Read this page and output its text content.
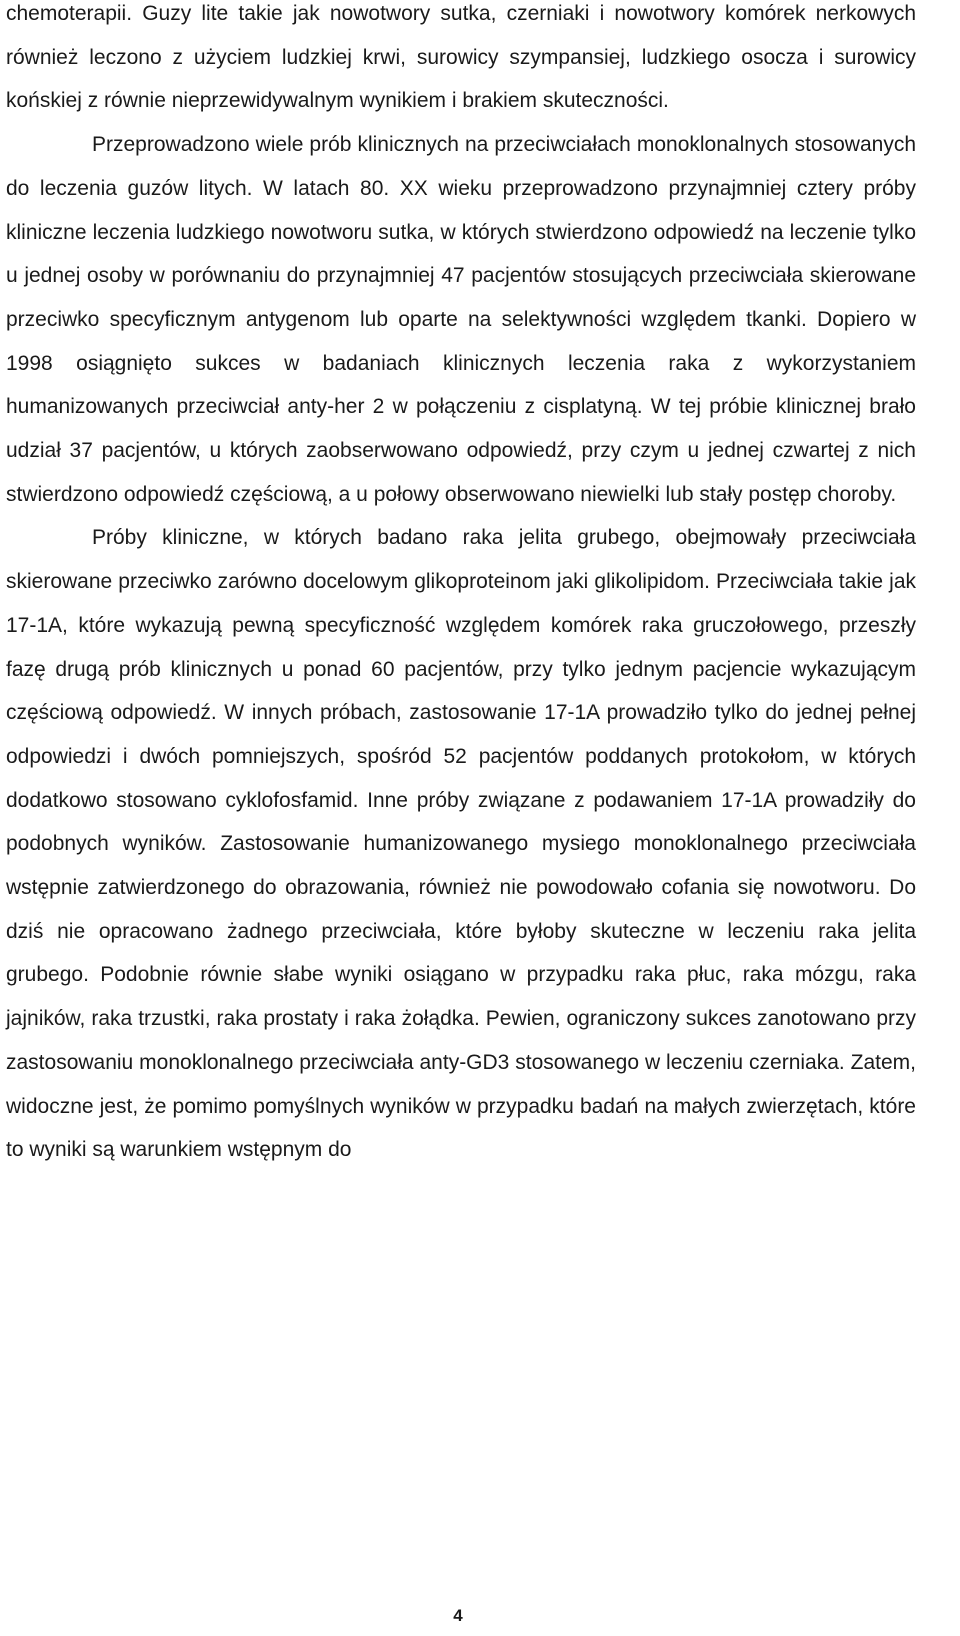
chemoterapii. Guzy lite takie jak nowotwory sutka, czerniaki i nowotwory komórek nerkowych również leczono z użyciem ludzkiej krwi, surowicy szympansiej, ludzkiego osocza i surowicy końskiej z równie nieprzewidywalnym wynikiem i brakiem skuteczności.

Przeprowadzono wiele prób klinicznych na przeciwciałach monoklonalnych stosowanych do leczenia guzów litych. W latach 80. XX wieku przeprowadzono przynajmniej cztery próby kliniczne leczenia ludzkiego nowotworu sutka, w których stwierdzono odpowiedź na leczenie tylko u jednej osoby w porównaniu do przynajmniej 47 pacjentów stosujących przeciwciała skierowane przeciwko specyficznym antygenom lub oparte na selektywności względem tkanki. Dopiero w 1998 osiągnięto sukces w badaniach klinicznych leczenia raka z wykorzystaniem humanizowanych przeciwciał anty-her 2 w połączeniu z cisplatyną. W tej próbie klinicznej brało udział 37 pacjentów, u których zaobserwowano odpowiedź, przy czym u jednej czwartej z nich stwierdzono odpowiedź częściową, a u połowy obserwowano niewielki lub stały postęp choroby.

Próby kliniczne, w których badano raka jelita grubego, obejmowały przeciwciała skierowane przeciwko zarówno docelowym glikoproteinom jaki glikolipidom. Przeciwciała takie jak 17-1A, które wykazują pewną specyficzność względem komórek raka gruczołowego, przeszły fazę drugą prób klinicznych u ponad 60 pacjentów, przy tylko jednym pacjencie wykazującym częściową odpowiedź. W innych próbach, zastosowanie 17-1A prowadziło tylko do jednej pełnej odpowiedzi i dwóch pomniejszych, spośród 52 pacjentów poddanych protokołom, w których dodatkowo stosowano cyklofosfamid. Inne próby związane z podawaniem 17-1A prowadziły do podobnych wyników. Zastosowanie humanizowanego mysiego monoklonalnego przeciwciała wstępnie zatwierdzonego do obrazowania, również nie powodowało cofania się nowotworu. Do dziś nie opracowano żadnego przeciwciała, które byłoby skuteczne w leczeniu raka jelita grubego. Podobnie równie słabe wyniki osiągano w przypadku raka płuc, raka mózgu, raka jajników, raka trzustki, raka prostaty i raka żołądka. Pewien, ograniczony sukces zanotowano przy zastosowaniu monoklonalnego przeciwciała anty-GD3 stosowanego w leczeniu czerniaka. Zatem, widoczne jest, że pomimo pomyślnych wyników w przypadku badań na małych zwierzętach, które to wyniki są warunkiem wstępnym do

4
